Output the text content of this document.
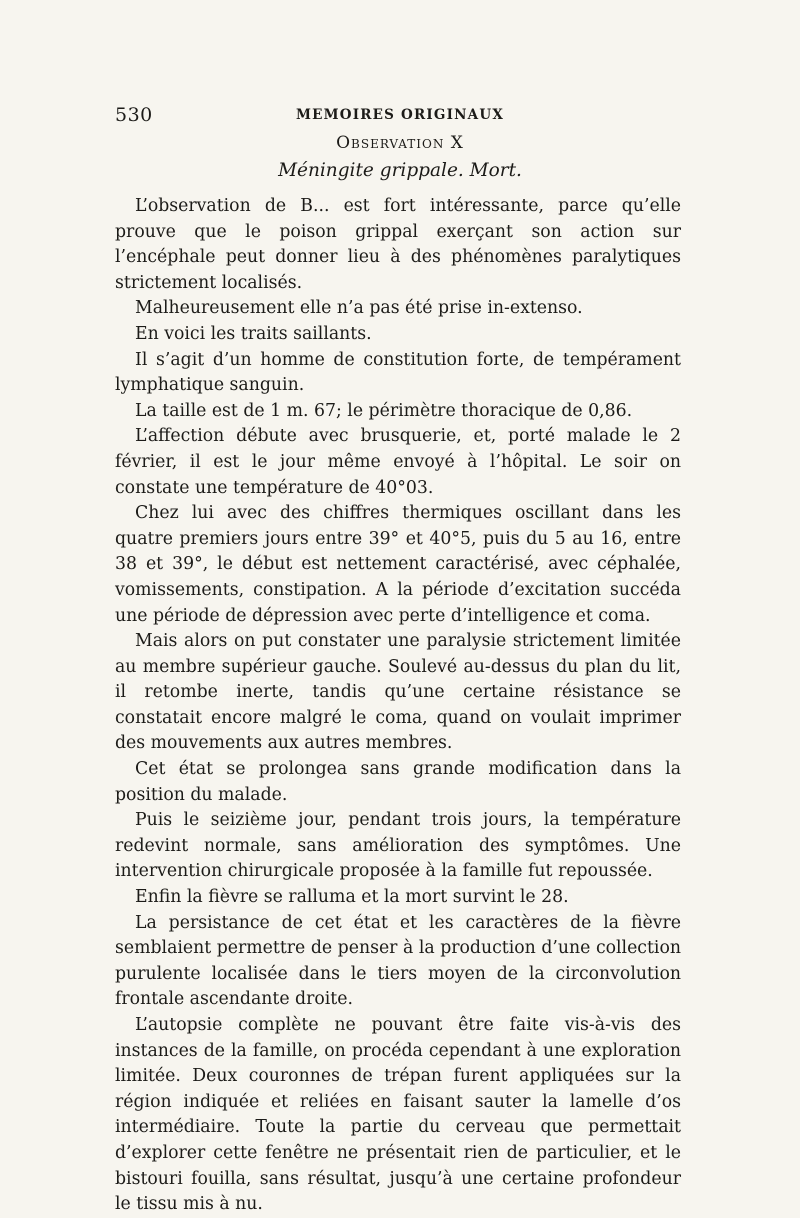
530	MEMOIRES ORIGINAUX
Observation X
Méningite grippale. Mort.

L’observation de B... est fort intéressante, parce qu’elle prouve que le poison grippal exerçant son action sur l’encéphale peut donner lieu à des phénomènes paralytiques strictement localisés.

Malheureusement elle n’a pas été prise in-extenso.

En voici les traits saillants.

Il s’agit d’un homme de constitution forte, de tempérament lymphatique sanguin.

La taille est de 1 m. 67; le périmètre thoracique de 0,86.

L’affection débute avec brusquerie, et, porté malade le 2 février, il est le jour même envoyé à l’hôpital. Le soir on constate une température de 40°03.

Chez lui avec des chiffres thermiques oscillant dans les quatre premiers jours entre 39° et 40°5, puis du 5 au 16, entre 38 et 39°, le début est nettement caractérisé, avec céphalée, vomissements, constipation. A la période d’excitation succéda une période de dépression avec perte d’intelligence et coma.

Mais alors on put constater une paralysie strictement limitée au membre supérieur gauche. Soulevé au-dessus du plan du lit, il retombe inerte, tandis qu’une certaine résistance se constatait encore malgré le coma, quand on voulait imprimer des mouvements aux autres membres.

Cet état se prolongea sans grande modification dans la position du malade.

Puis le seizième jour, pendant trois jours, la température redevint normale, sans amélioration des symptômes. Une intervention chirurgicale proposée à la famille fut repoussée.

Enfin la fièvre se ralluma et la mort survint le 28.

La persistance de cet état et les caractères de la fièvre semblaient permettre de penser à la production d’une collection purulente localisée dans le tiers moyen de la circonvolution frontale ascendante droite.

L’autopsie complète ne pouvant être faite vis-à-vis des instances de la famille, on procéda cependant à une exploration limitée. Deux couronnes de trépan furent appliquées sur la région indiquée et reliées en faisant sauter la lamelle d’os intermédiaire. Toute la partie du cerveau que permettait d’explorer cette fenêtre ne présentait rien de particulier, et le bistouri fouilla, sans résultat, jusqu’à une certaine profondeur le tissu mis à nu.
